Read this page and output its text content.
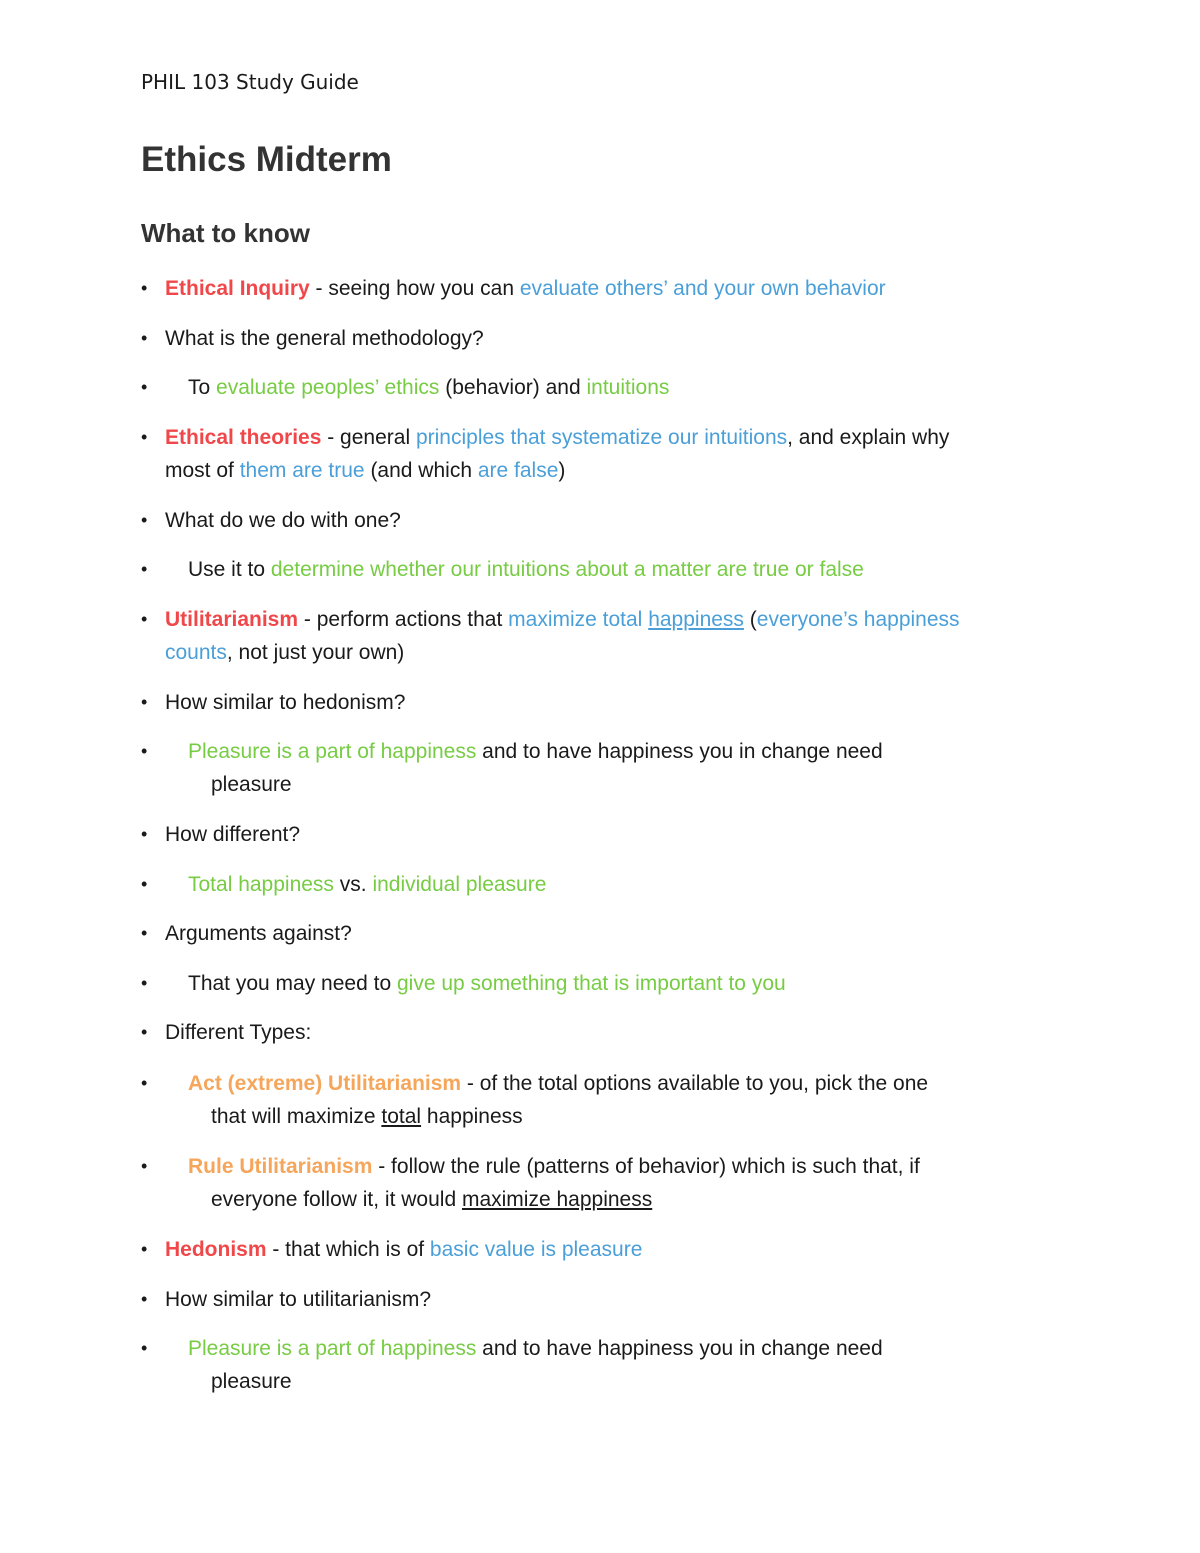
PHIL 103 Study Guide
Ethics Midterm
What to know
• Ethical Inquiry - seeing how you can evaluate others’ and your own behavior
• What is the general methodology?
• To evaluate peoples’ ethics (behavior) and intuitions
• Ethical theories - general principles that systematize our intuitions, and explain why
most of them are true (and which are false)
• What do we do with one?
• Use it to determine whether our intuitions about a matter are true or false
• Utilitarianism - perform actions that maximize total happiness (everyone’s happiness
counts, not just your own)
• How similar to hedonism?
• Pleasure is a part of happiness and to have happiness you in change need
pleasure
• How different?
• Total happiness vs. individual pleasure
• Arguments against?
• That you may need to give up something that is important to you
• Different Types:
• Act (extreme) Utilitarianism - of the total options available to you, pick the one
that will maximize total happiness
• Rule Utilitarianism - follow the rule (patterns of behavior) which is such that, if
everyone follow it, it would maximize happiness
• Hedonism - that which is of basic value is pleasure
• How similar to utilitarianism?
• Pleasure is a part of happiness and to have happiness you in change need
pleasure
